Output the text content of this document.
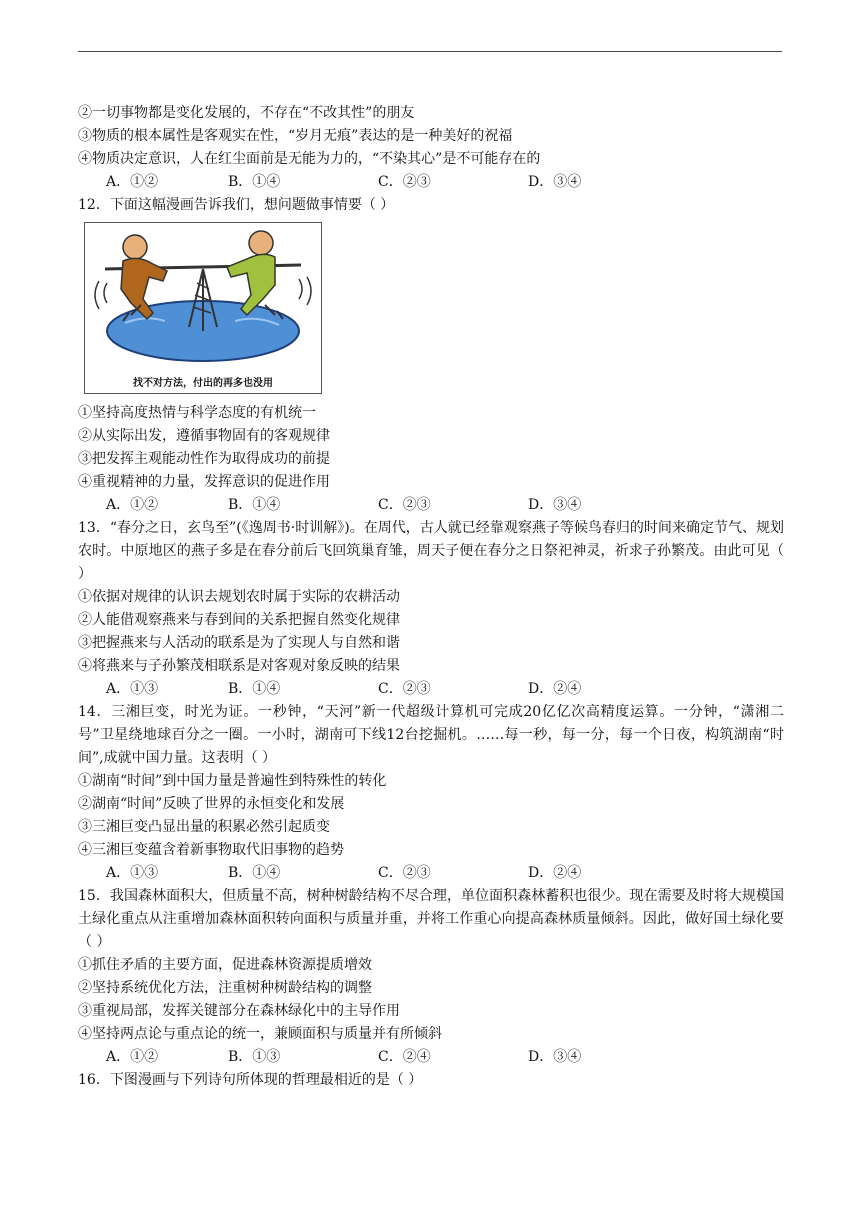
②一切事物都是变化发展的，不存在“不改其性”的朋友
③物质的根本属性是客观实在性，“岁月无痕”表达的是一种美好的祝福
④物质决定意识，人在红尘面前是无能为力的，“不染其心”是不可能存在的
A．①②	B．①④	C．②③	D．③④
12．下面这幅漫画告诉我们，想问题做事情要（ ）
找不对方法，付出的再多也没用
①坚持高度热情与科学态度的有机统一
②从实际出发，遵循事物固有的客观规律
③把发挥主观能动性作为取得成功的前提
④重视精神的力量，发挥意识的促进作用
A．①②	B．①④	C．②③	D．③④
13．“春分之日，玄鸟至”(《逸周书·时训解》)。在周代，古人就已经靠观察燕子等候鸟春归的时间来确定节气、规划农时。中原地区的燕子多是在春分前后飞回筑巢育雏，周天子便在春分之日祭祀神灵，祈求子孙繁茂。由此可见（ ）
①依据对规律的认识去规划农时属于实际的农耕活动
②人能借观察燕来与春到间的关系把握自然变化规律
③把握燕来与人活动的联系是为了实现人与自然和谐
④将燕来与子孙繁茂相联系是对客观对象反映的结果
A．①③	B．①④	C．②③	D．②④
14．三湘巨变，时光为证。一秒钟，“天河”新一代超级计算机可完成20亿亿次高精度运算。一分钟，“潇湘二号”卫星绕地球百分之一圈。一小时，湖南可下线12台挖掘机。……每一秒，每一分，每一个日夜，构筑湖南“时间”,成就中国力量。这表明（ ）
①湖南“时间”到中国力量是普遍性到特殊性的转化
②湖南“时间”反映了世界的永恒变化和发展
③三湘巨变凸显出量的积累必然引起质变
④三湘巨变蕴含着新事物取代旧事物的趋势
A．①③	B．①④	C．②③	D．②④
15．我国森林面积大，但质量不高，树种树龄结构不尽合理，单位面积森林蓄积也很少。现在需要及时将大规模国土绿化重点从注重增加森林面积转向面积与质量并重，并将工作重心向提高森林质量倾斜。因此，做好国土绿化要（ ）
①抓住矛盾的主要方面，促进森林资源提质增效
②坚持系统优化方法，注重树种树龄结构的调整
③重视局部，发挥关键部分在森林绿化中的主导作用
④坚持两点论与重点论的统一，兼顾面积与质量并有所倾斜
A．①②	B．①③	C．②④	D．③④
16．下图漫画与下列诗句所体现的哲理最相近的是（ ）
